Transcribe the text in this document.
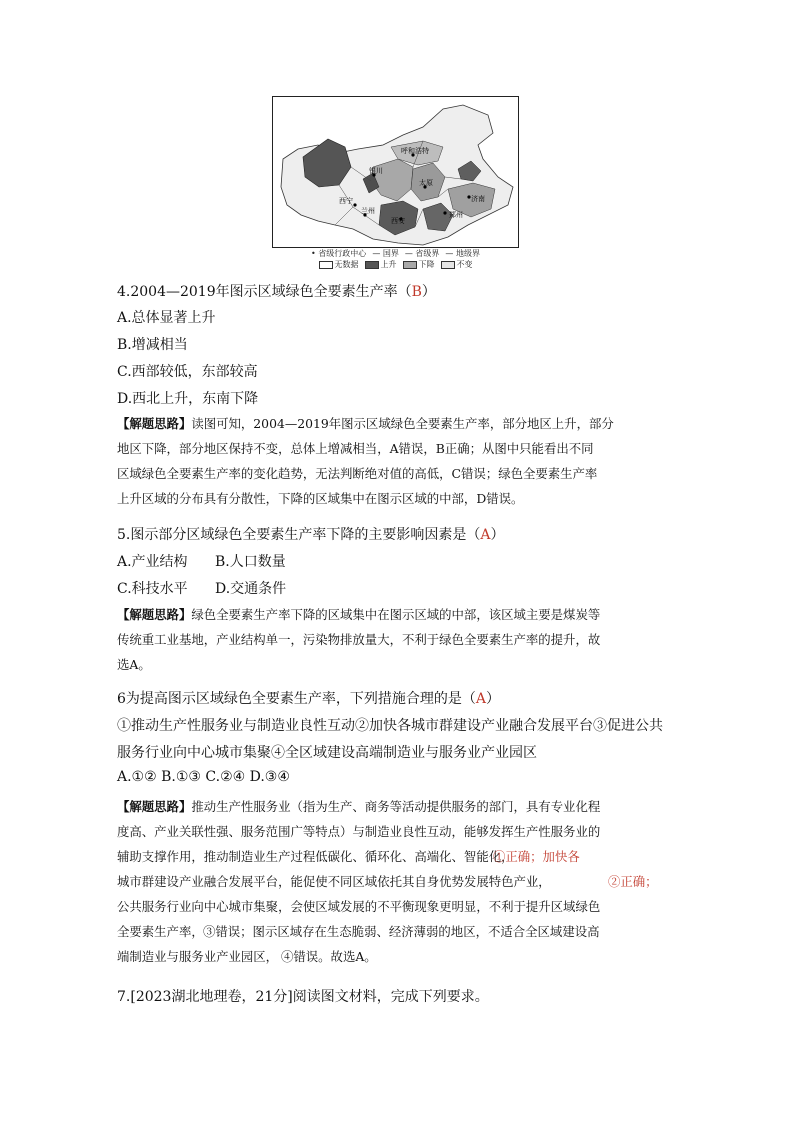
呼和浩特
银川
太原
西宁
兰州
济南
郑州
西安
• 省级行政中心 — 国界 — 省级界 — 地级界
无数据	上升	下降	不变
4.2004—2019年图示区域绿色全要素生产率（B）
A.总体显著上升
B.增减相当
C.西部较低，东部较高
D.西北上升，东南下降
【解题思路】读图可知，2004—2019年图示区域绿色全要素生产率，部分地区上升，部分
地区下降，部分地区保持不变，总体上增减相当，A错误，B正确；从图中只能看出不同
区域绿色全要素生产率的变化趋势，无法判断绝对值的高低，C错误；绿色全要素生产率
上升区域的分布具有分散性，下降的区域集中在图示区域的中部，D错误。
5.图示部分区域绿色全要素生产率下降的主要影响因素是（A）
A.产业结构 B.人口数量
C.科技水平 D.交通条件
【解题思路】绿色全要素生产率下降的区域集中在图示区域的中部，该区域主要是煤炭等
传统重工业基地，产业结构单一，污染物排放量大，不利于绿色全要素生产率的提升，故
选A。
6为提高图示区域绿色全要素生产率，下列措施合理的是（A）
①推动生产性服务业与制造业良性互动②加快各城市群建设产业融合发展平台③促进公共
服务行业向中心城市集聚④全区域建设高端制造业与服务业产业园区
A.①② B.①③ C.②④ D.③④
【解题思路】推动生产性服务业（指为生产、商务等活动提供服务的部门，具有专业化程
度高、产业关联性强、服务范围广等特点）与制造业良性互动，能够发挥生产性服务业的
辅助支撑作用，推动制造业生产过程低碳化、循环化、高端化、智能化，
城市群建设产业融合发展平台，能促使不同区域依托其自身优势发展特色产业，
公共服务行业向中心城市集聚，会使区域发展的不平衡现象更明显，不利于提升区域绿色
全要素生产率，
端制造业与服务业产业园区，
①正确；加快各
②正确；
③错误；图示区域存在生态脆弱、经济薄弱的地区，不适合全区域建设高
④错误。故选A。
7.[2023湖北地理卷，21分]阅读图文材料，完成下列要求。
